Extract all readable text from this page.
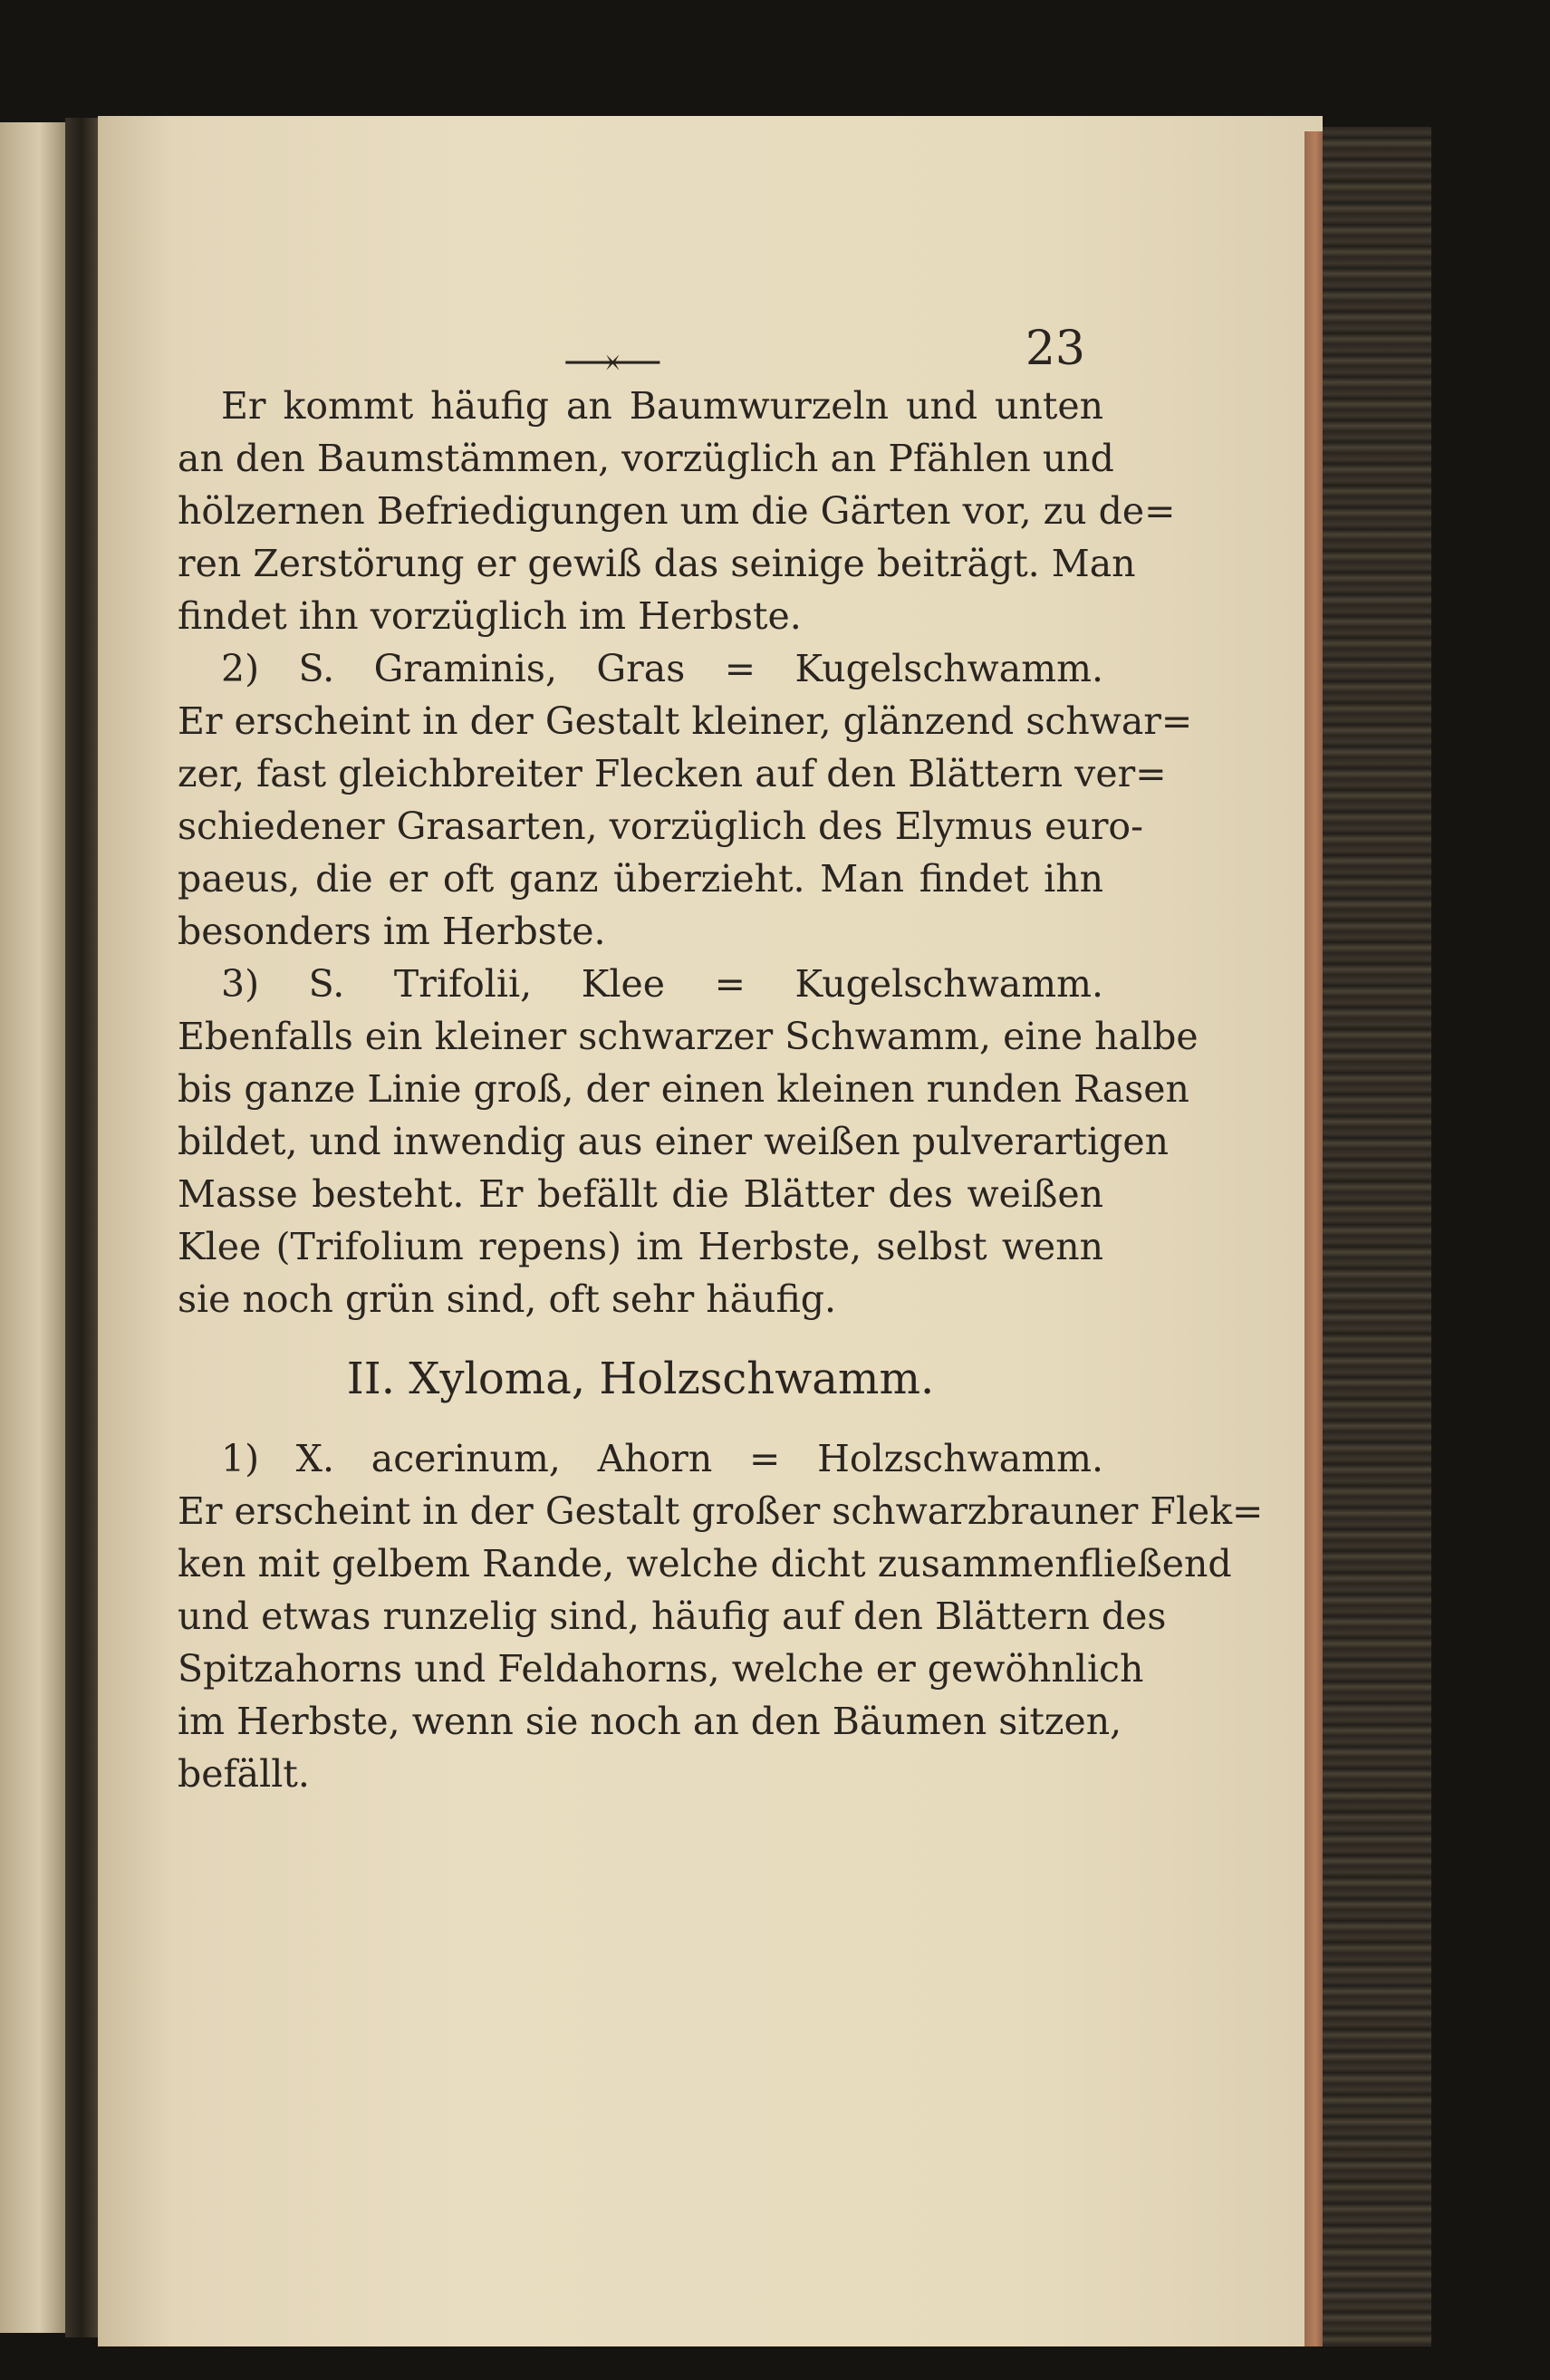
⟶⟵	23
Er kommt häufig an Baumwurzeln und unten
an den Baumstämmen, vorzüglich an Pfählen und
hölzernen Befriedigungen um die Gärten vor, zu de=
ren Zerstörung er gewiß das seinige beiträgt. Man
findet ihn vorzüglich im Herbste.
2) S. Graminis, Gras = Kugelschwamm.
Er erscheint in der Gestalt kleiner, glänzend schwar=
zer, fast gleichbreiter Flecken auf den Blättern ver=
schiedener Grasarten, vorzüglich des Elymus euro-
paeus, die er oft ganz überzieht. Man findet ihn
besonders im Herbste.
3) S. Trifolii, Klee = Kugelschwamm.
Ebenfalls ein kleiner schwarzer Schwamm, eine halbe
bis ganze Linie groß, der einen kleinen runden Rasen
bildet, und inwendig aus einer weißen pulverartigen
Masse besteht. Er befällt die Blätter des weißen
Klee (Trifolium repens) im Herbste, selbst wenn
sie noch grün sind, oft sehr häufig.
II. Xyloma, Holzschwamm.
1) X. acerinum, Ahorn = Holzschwamm.
Er erscheint in der Gestalt großer schwarzbrauner Flek=
ken mit gelbem Rande, welche dicht zusammenfließend
und etwas runzelig sind, häufig auf den Blättern des
Spitzahorns und Feldahorns, welche er gewöhnlich
im Herbste, wenn sie noch an den Bäumen sitzen,
befällt.
